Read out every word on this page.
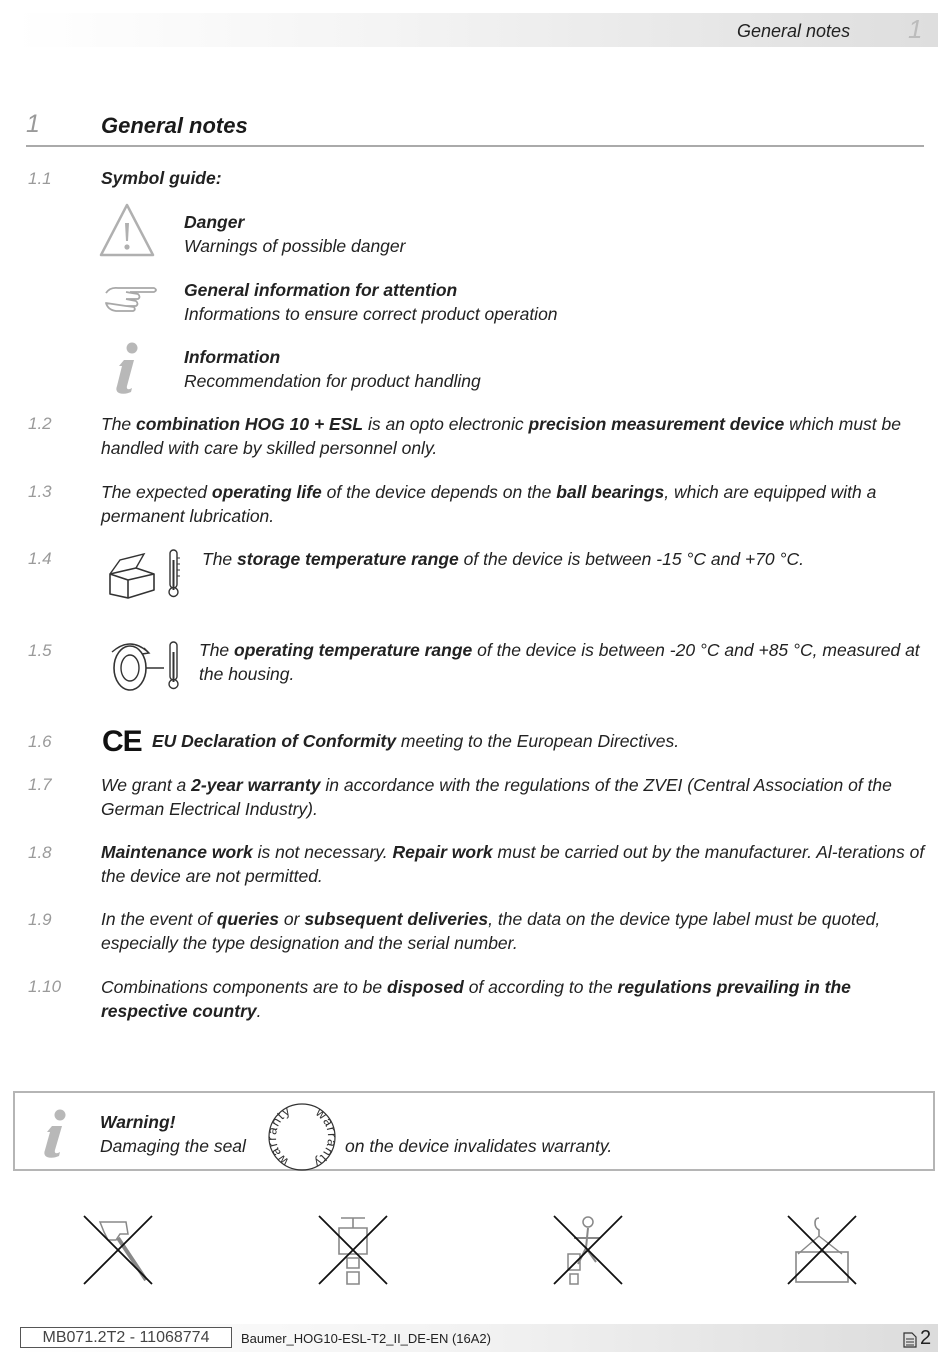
General notes 1
1	General notes
1.1	Symbol guide:
Danger
Warnings of possible danger
General information for attention
Informations to ensure correct product operation
Information
Recommendation for product handling
1.2	The combination HOG 10 + ESL is an opto electronic precision measurement device which must be handled with care by skilled personnel only.
1.3	The expected operating life of the device depends on the ball bearings, which are equipped with a permanent lubrication.
1.4	The storage temperature range of the device is between -15 °C and +70 °C.
1.5	The operating temperature range of the device is between -20 °C and +85 °C, measured at the housing.
1.6 CE EU Declaration of Conformity meeting to the European Directives.
1.7	We grant a 2-year warranty in accordance with the regulations of the ZVEI (Central Association of the German Electrical Industry).
1.8	Maintenance work is not necessary. Repair work must be carried out by the manufacturer. Al-terations of the device are not permitted.
1.9	In the event of queries or subsequent deliveries, the data on the device type label must be quoted, especially the type designation and the serial number.
1.10 Combinations components are to be disposed of according to the regulations prevailing in the respective country.
Warning!
Damaging the seal
warranty warranty
on the device invalidates warranty.
MB071.2T2 - 11068774	Baumer_HOG10-ESL-T2_II_DE-EN (16A2)	2
